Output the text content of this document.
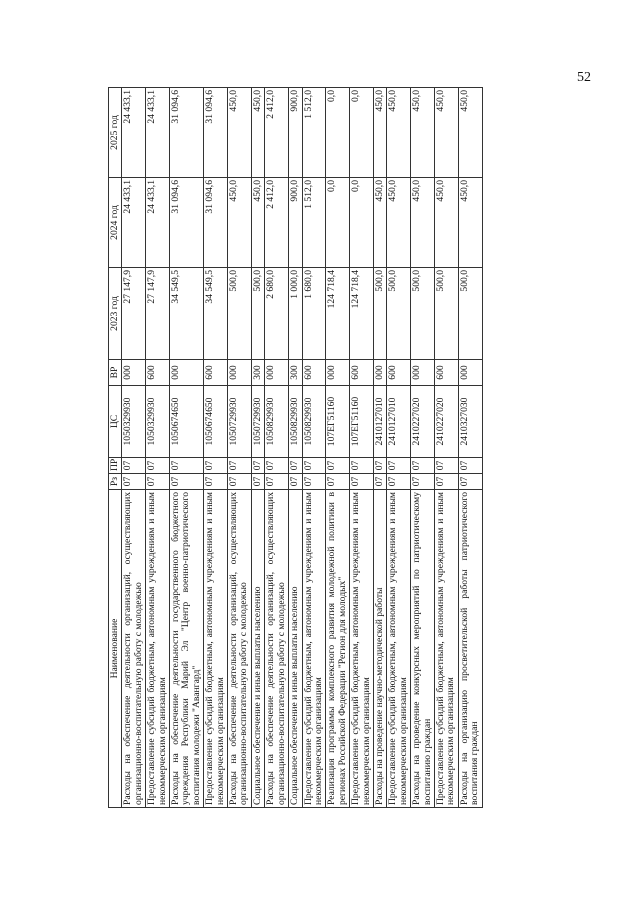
52
Наименование	Рз	ПР	ЦС	ВР	2023 год	2024 год	2025 год
Расходы на обеспечение деятельности организаций, осуществляющих организационно-воспитательную работу с молодежью	07	07	1050329930	000	27 147,9	24 433,1	24 433,1
Предоставление субсидий бюджетным, автономным учреждениям и иным некоммерческим организациям	07	07	1050329930	600	27 147,9	24 433,1	24 433,1
Расходы на обеспечение деятельности государственного бюджетного учреждения Республики Марий Эл "Центр военно-патриотического воспитания молодежи "Авангард"	07	07	1050674650	000	34 549,5	31 094,6	31 094,6
Предоставление субсидий бюджетным, автономным учреждениям и иным некоммерческим организациям	07	07	1050674650	600	34 549,5	31 094,6	31 094,6
Расходы на обеспечение деятельности организаций, осуществляющих организационно-воспитательную работу с молодежью	07	07	1050729930	000	500,0	450,0	450,0
Социальное обеспечение и иные выплаты населению	07	07	1050729930	300	500,0	450,0	450,0
Расходы на обеспечение деятельности организаций, осуществляющих организационно-воспитательную работу с молодежью	07	07	1050829930	000	2 680,0	2 412,0	2 412,0
Социальное обеспечение и иные выплаты населению	07	07	1050829930	300	1 000,0	900,0	900,0
Предоставление субсидий бюджетным, автономным учреждениям и иным некоммерческим организациям	07	07	1050829930	600	1 680,0	1 512,0	1 512,0
Реализация программы комплексного развития молодежной политики в регионах Российской Федерации "Регион для молодых"	07	07	107ЕГ51160	000	124 718,4	0,0	0,0
Предоставление субсидий бюджетным, автономным учреждениям и иным некоммерческим организациям	07	07	107ЕГ51160	600	124 718,4	0,0	0,0
Расходы на проведение научно-методической работы	07	07	2410127010	000	500,0	450,0	450,0
Предоставление субсидий бюджетным, автономным учреждениям и иным некоммерческим организациям	07	07	2410127010	600	500,0	450,0	450,0
Расходы на проведение конкурсных мероприятий по патриотическому воспитанию граждан	07	07	2410227020	000	500,0	450,0	450,0
Предоставление субсидий бюджетным, автономным учреждениям и иным некоммерческим организациям	07	07	2410227020	600	500,0	450,0	450,0
Расходы на организацию просветительской работы патриотического воспитания граждан	07	07	2410327030	000	500,0	450,0	450,0
